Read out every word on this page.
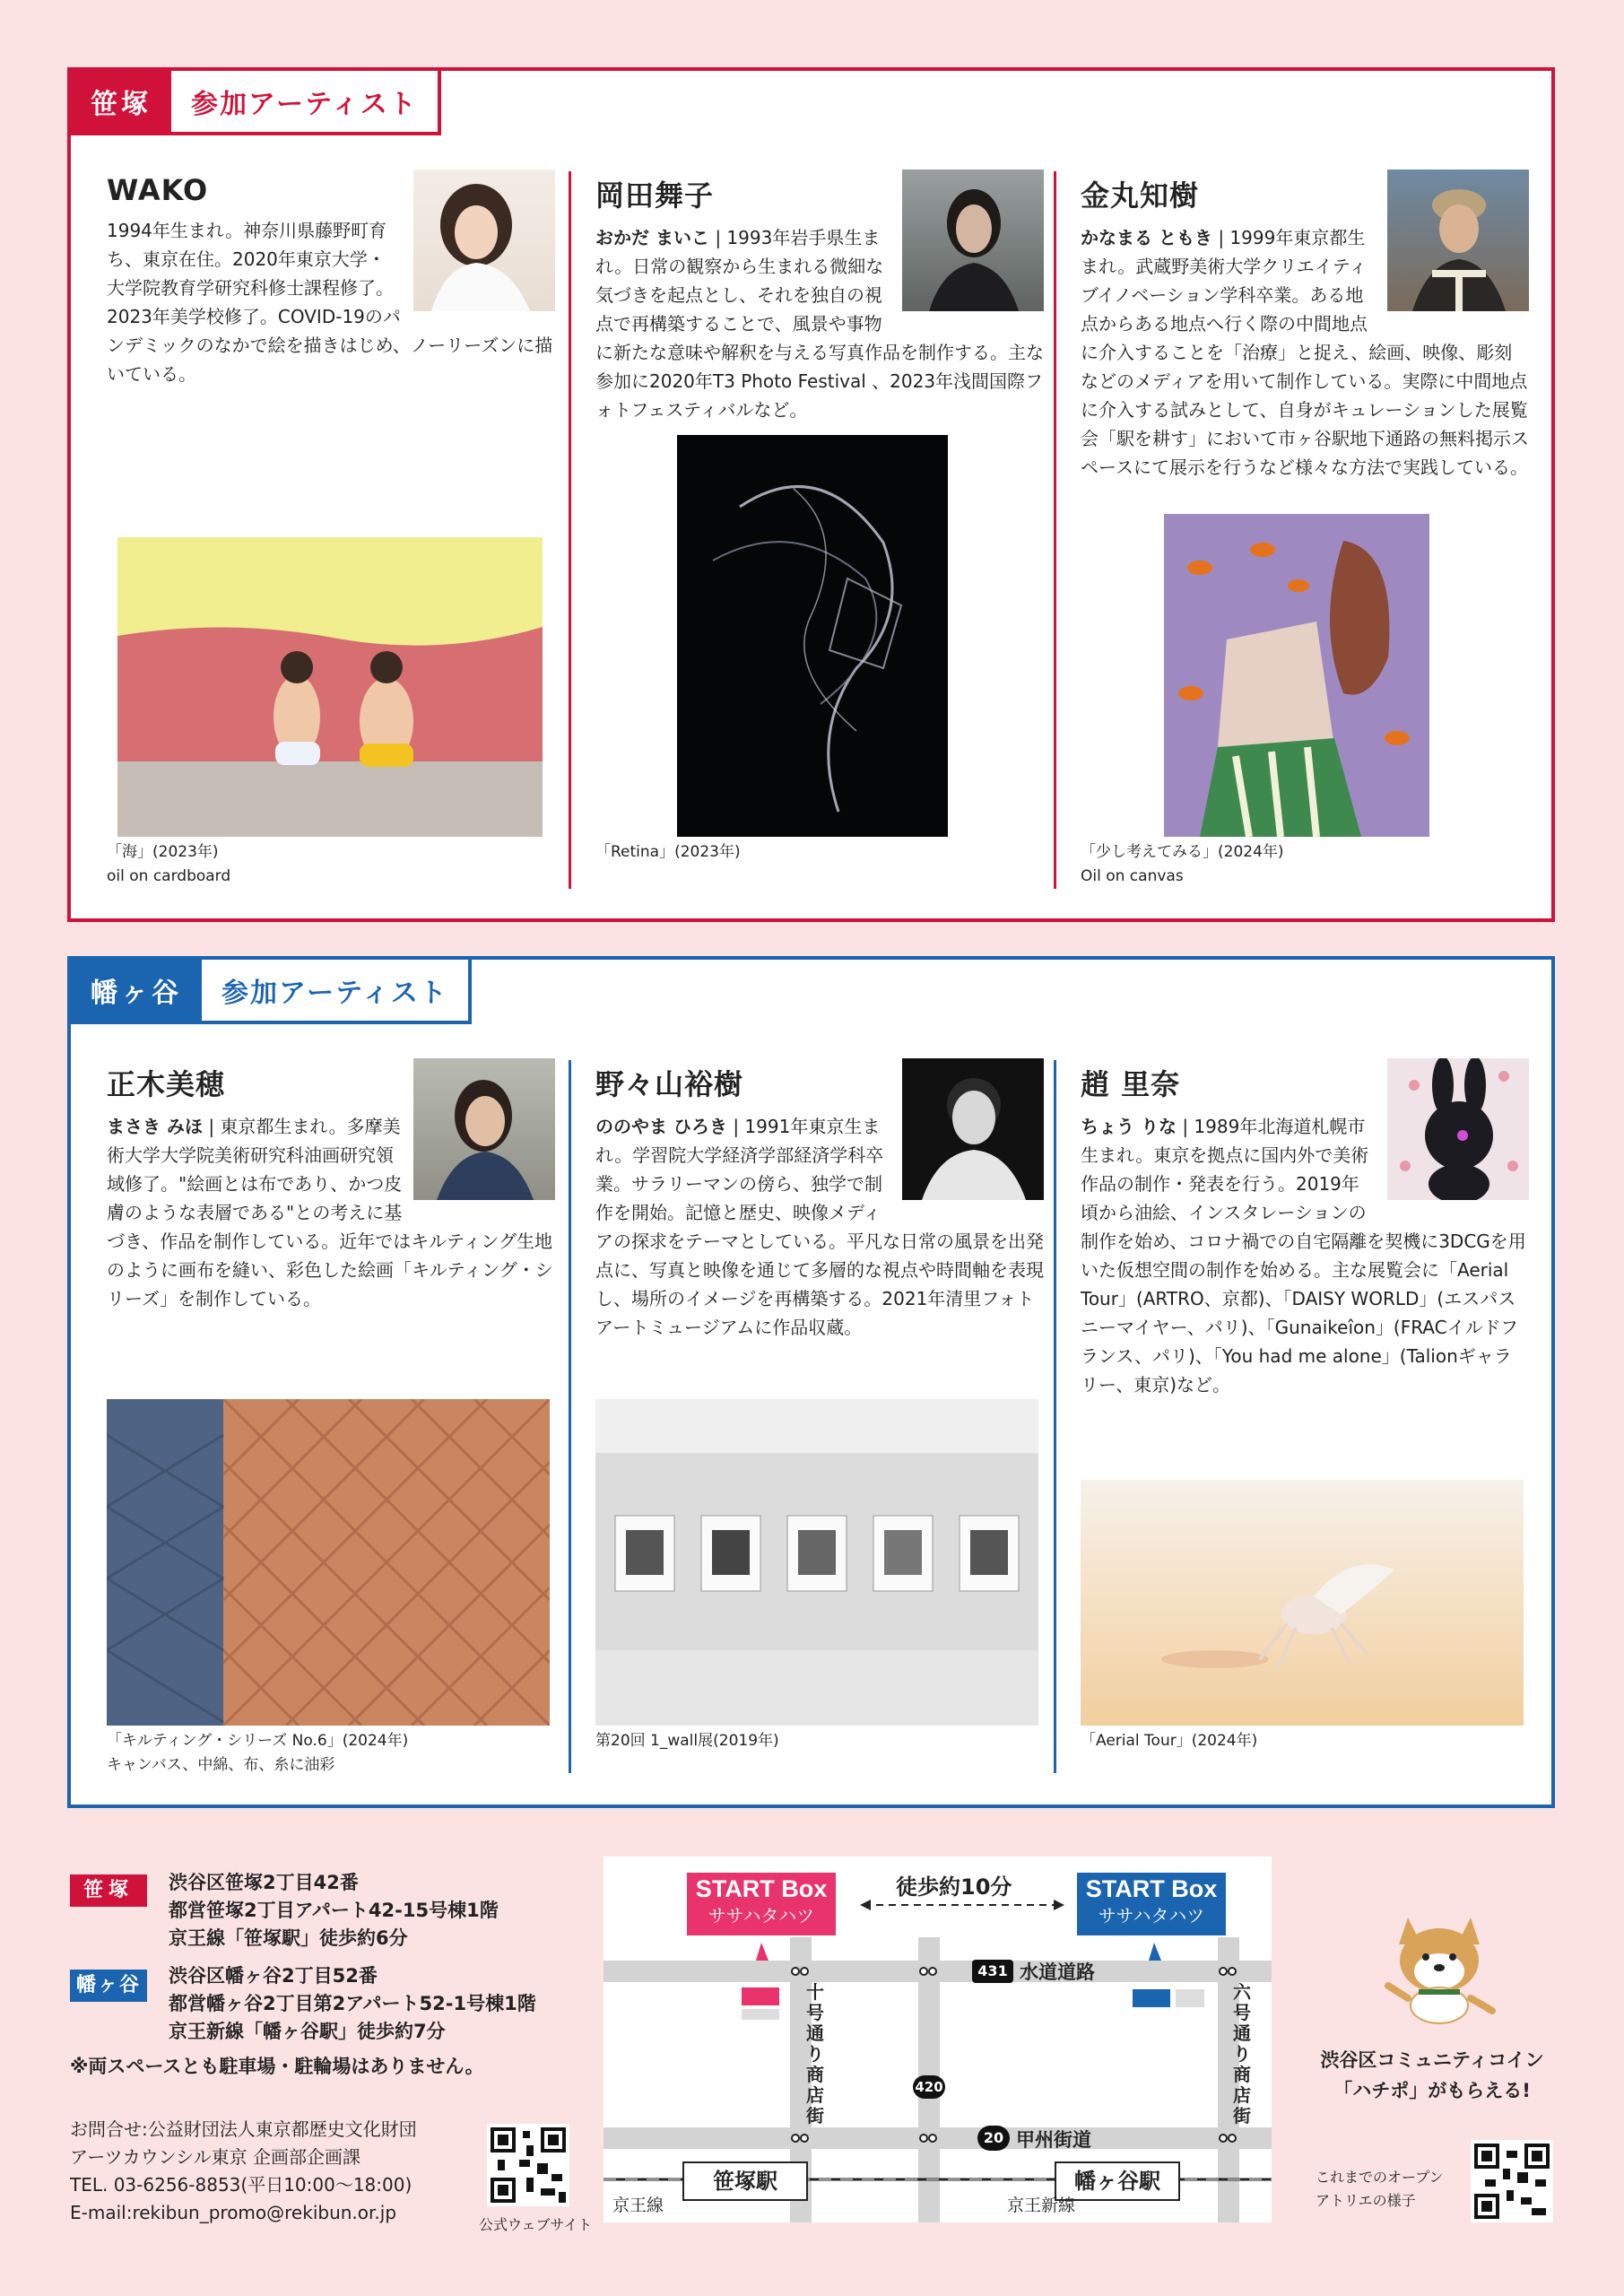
笹塚	参加アーティスト
WAKO

1994年生まれ。神奈川県藤野町育ち、東京在住。2020年東京大学・大学院教育学研究科修士課程修了。2023年美学校修了。COVID-19のパンデミックのなかで絵を描きはじめ、ノーリーズンに描いている。

岡田舞子

おかだ まいこ | 1993年岩手県生まれ。日常の観察から生まれる微細な気づきを起点とし、それを独自の視点で再構築することで、風景や事物に新たな意味や解釈を与える写真作品を制作する。主な参加に2020年T3 Photo Festival 、2023年浅間国際フォトフェスティバルなど。

金丸知樹

かなまる ともき | 1999年東京都生まれ。武蔵野美術大学クリエイティブイノベーション学科卒業。ある地点からある地点へ行く際の中間地点に介入することを「治療」と捉え、絵画、映像、彫刻などのメディアを用いて制作している。実際に中間地点に介入する試みとして、自身がキュレーションした展覧会「駅を耕す」において市ヶ谷駅地下通路の無料掲示スペースにて展示を行うなど様々な方法で実践している。

「海」(2023年)
oil on cardboard
「Retina」(2023年)	「少し考えてみる」(2024年)
Oil on canvas
幡ヶ谷	参加アーティスト
正木美穂

まさき みほ | 東京都生まれ。多摩美術大学大学院美術研究科油画研究領域修了。"絵画とは布であり、かつ皮膚のような表層である"との考えに基づき、作品を制作している。近年ではキルティング生地のように画布を縫い、彩色した絵画「キルティング・シリーズ」を制作している。

野々山裕樹

ののやま ひろき | 1991年東京生まれ。学習院大学経済学部経済学科卒業。サラリーマンの傍ら、独学で制作を開始。記憶と歴史、映像メディアの探求をテーマとしている。平凡な日常の風景を出発点に、写真と映像を通じて多層的な視点や時間軸を表現し、場所のイメージを再構築する。2021年清里フォトアートミュージアムに作品収蔵。

趙 里奈

ちょう りな | 1989年北海道札幌市生まれ。東京を拠点に国内外で美術作品の制作・発表を行う。2019年頃から油絵、インスタレーションの制作を始め、コロナ禍での自宅隔離を契機に3DCGを用いた仮想空間の制作を始める。主な展覧会に「Aerial Tour」(ARTRO、京都)、「DAISY WORLD」(エスパスニーマイヤー、パリ)、「Gunaikeîon」(FRACイルドフランス、パリ)、「You had me alone」(Talionギャラリー、東京)など。

「キルティング・シリーズ No.6」(2024年)
キャンバス、中綿、布、糸に油彩
第20回 1_wall展(2019年)	「Aerial Tour」(2024年)
笹塚	渋谷区笹塚2丁目42番
都営笹塚2丁目アパート42-15号棟1階
京王線「笹塚駅」徒歩約6分
幡ヶ谷	渋谷区幡ヶ谷2丁目52番
都営幡ヶ谷2丁目第2アパート52-1号棟1階
京王新線「幡ヶ谷駅」徒歩約7分
※両スペースとも駐車場・駐輪場はありません。
お問合せ:公益財団法人東京都歴史文化財団
アーツカウンシル東京 企画部企画課
TEL. 03-6256-8853(平日10:00〜18:00)
E-mail:rekibun_promo@rekibun.or.jp
公式ウェブサイト
START Box
ササハタハツ
START Box
ササハタハツ
徒歩約10分
431 水道道路
420
20 甲州街道
十号通り商店街
六号通り商店街
笹塚駅	幡ヶ谷駅
京王線	京王新線
渋谷区コミュニティコイン
「ハチポ」がもらえる!
これまでのオープン
アトリエの様子
